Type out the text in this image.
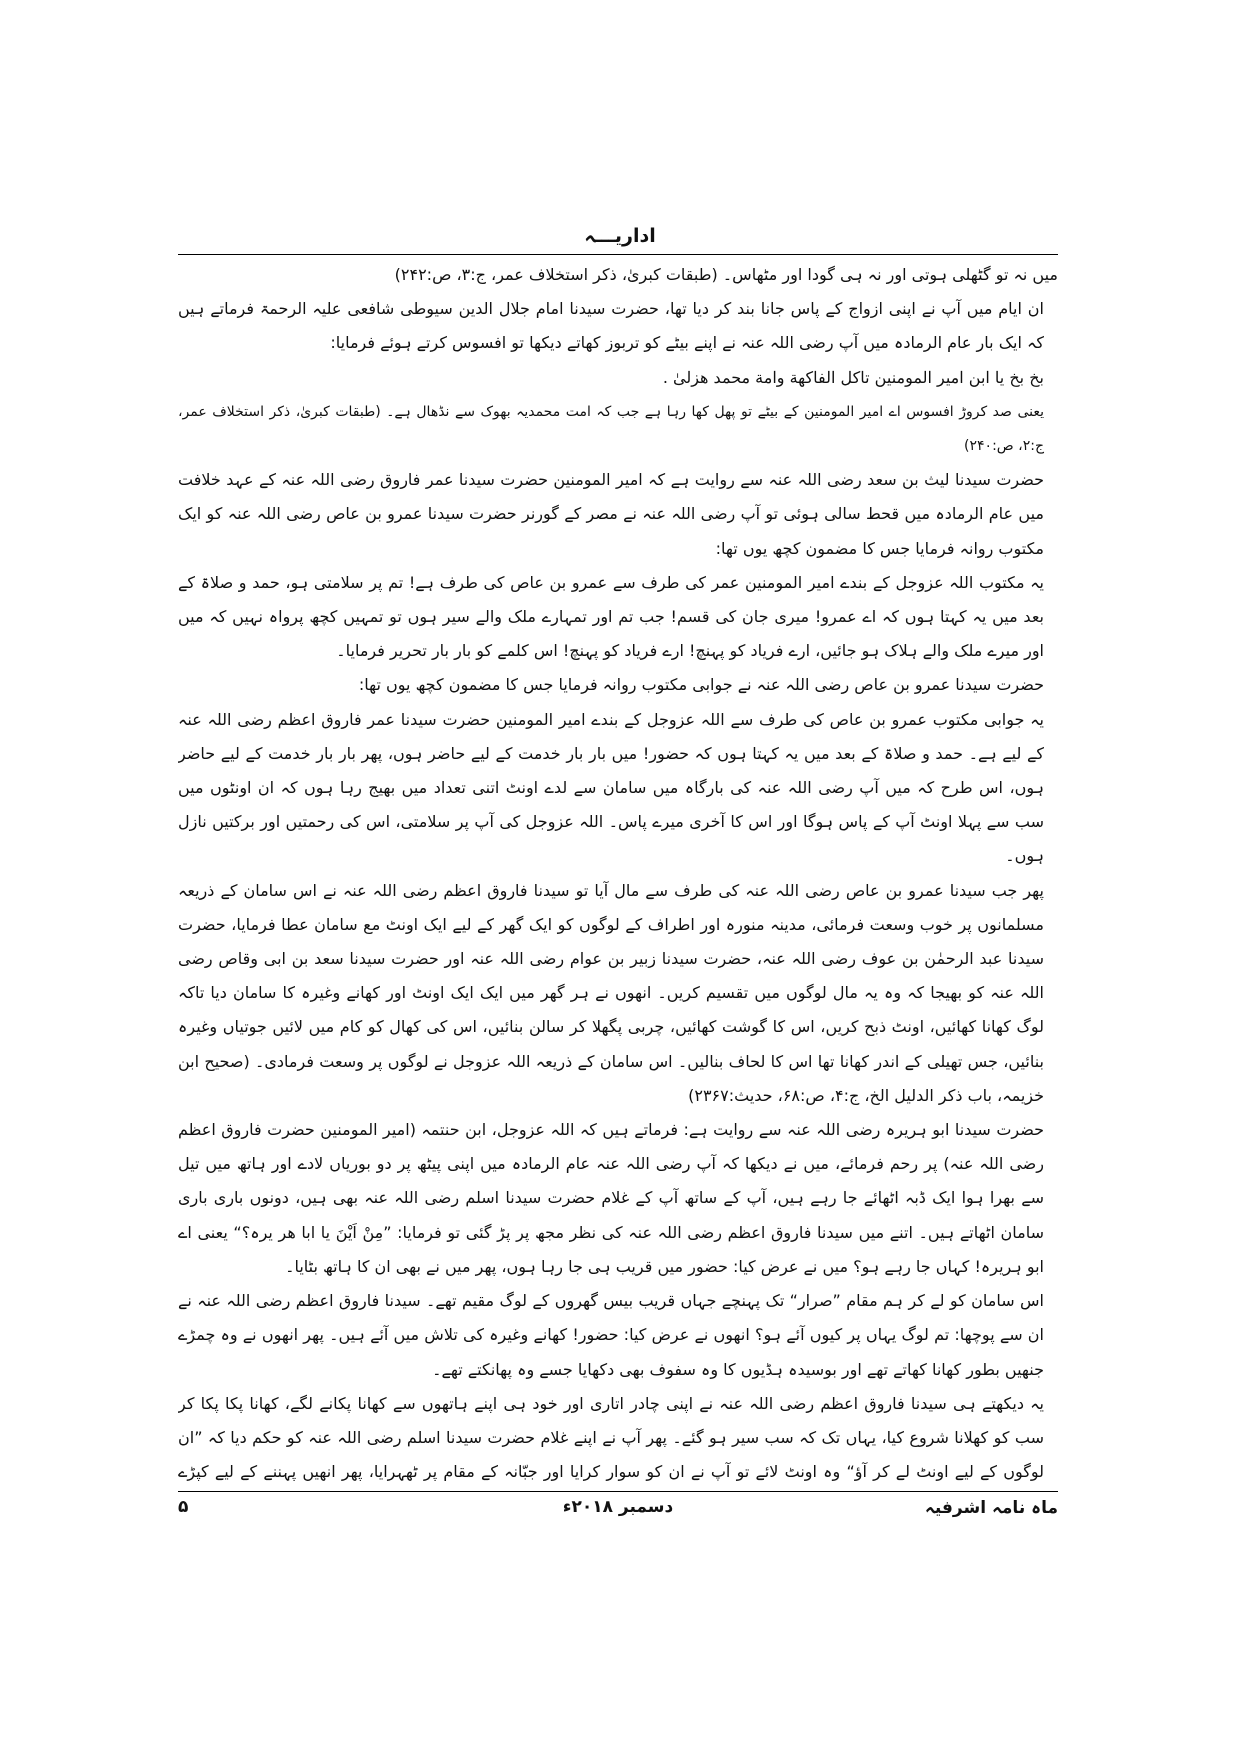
اداریـــہ

میں نہ تو گٹھلی ہوتی اور نہ ہی گودا اور مٹھاس۔ (طبقات کبریٰ، ذکر استخلاف عمر، ج:۳، ص:۲۴۲)

ان ایام میں آپ نے اپنی ازواج کے پاس جانا بند کر دیا تھا، حضرت سیدنا امام جلال الدین سیوطی شافعی علیہ الرحمۃ فرماتے ہیں کہ ایک بار عام الرمادہ میں آپ رضی اللہ عنہ نے اپنے بیٹے کو تربوز کھاتے دیکھا تو افسوس کرتے ہوئے فرمایا:

بخ بخ یا ابن امیر المومنین تاکل الفاکھة وامة محمد ھزلیٰ .

یعنی صد کروڑ افسوس اے امیر المومنین کے بیٹے تو پھل کھا رہا ہے جب کہ امت محمدیہ بھوک سے نڈھال ہے۔ (طبقات کبریٰ، ذکر استخلاف عمر، ج:۲، ص:۲۴۰)

حضرت سیدنا لیث بن سعد رضی اللہ عنہ سے روایت ہے کہ امیر المومنین حضرت سیدنا عمر فاروق رضی اللہ عنہ کے عہد خلافت میں عام الرمادہ میں قحط سالی ہوئی تو آپ رضی اللہ عنہ نے مصر کے گورنر حضرت سیدنا عمرو بن عاص رضی اللہ عنہ کو ایک مکتوب روانہ فرمایا جس کا مضمون کچھ یوں تھا:

یہ مکتوب اللہ عزوجل کے بندے امیر المومنین عمر کی طرف سے عمرو بن عاص کی طرف ہے! تم پر سلامتی ہو، حمد و صلاۃ کے بعد میں یہ کہتا ہوں کہ اے عمرو! میری جان کی قسم! جب تم اور تمہارے ملک والے سیر ہوں تو تمہیں کچھ پرواہ نہیں کہ میں اور میرے ملک والے ہلاک ہو جائیں، ارے فریاد کو پہنچ! ارے فریاد کو پہنچ! اس کلمے کو بار بار تحریر فرمایا۔

حضرت سیدنا عمرو بن عاص رضی اللہ عنہ نے جوابی مکتوب روانہ فرمایا جس کا مضمون کچھ یوں تھا:

یہ جوابی مکتوب عمرو بن عاص کی طرف سے اللہ عزوجل کے بندے امیر المومنین حضرت سیدنا عمر فاروق اعظم رضی اللہ عنہ کے لیے ہے۔ حمد و صلاۃ کے بعد میں یہ کہتا ہوں کہ حضور! میں بار بار خدمت کے لیے حاضر ہوں، پھر بار بار خدمت کے لیے حاضر ہوں، اس طرح کہ میں آپ رضی اللہ عنہ کی بارگاہ میں سامان سے لدے اونٹ اتنی تعداد میں بھیج رہا ہوں کہ ان اونٹوں میں سب سے پہلا اونٹ آپ کے پاس ہوگا اور اس کا آخری میرے پاس۔ اللہ عزوجل کی آپ پر سلامتی، اس کی رحمتیں اور برکتیں نازل ہوں۔

پھر جب سیدنا عمرو بن عاص رضی اللہ عنہ کی طرف سے مال آیا تو سیدنا فاروق اعظم رضی اللہ عنہ نے اس سامان کے ذریعہ مسلمانوں پر خوب وسعت فرمائی، مدینہ منورہ اور اطراف کے لوگوں کو ایک گھر کے لیے ایک اونٹ مع سامان عطا فرمایا، حضرت سیدنا عبد الرحمٰن بن عوف رضی اللہ عنہ، حضرت سیدنا زبیر بن عوام رضی اللہ عنہ اور حضرت سیدنا سعد بن ابی وقاص رضی اللہ عنہ کو بھیجا کہ وہ یہ مال لوگوں میں تقسیم کریں۔ انھوں نے ہر گھر میں ایک ایک اونٹ اور کھانے وغیرہ کا سامان دیا تاکہ لوگ کھانا کھائیں، اونٹ ذبح کریں، اس کا گوشت کھائیں، چربی پگھلا کر سالن بنائیں، اس کی کھال کو کام میں لائیں جوتیاں وغیرہ بنائیں، جس تھیلی کے اندر کھانا تھا اس کا لحاف بنالیں۔ اس سامان کے ذریعہ اللہ عزوجل نے لوگوں پر وسعت فرمادی۔ (صحیح ابن خزیمہ، باب ذکر الدلیل الخ، ج:۴، ص:۶۸، حدیث:۲۳۶۷)

حضرت سیدنا ابو ہریرہ رضی اللہ عنہ سے روایت ہے: فرماتے ہیں کہ اللہ عزوجل، ابن حنتمہ (امیر المومنین حضرت فاروق اعظم رضی اللہ عنہ) پر رحم فرمائے، میں نے دیکھا کہ آپ رضی اللہ عنہ عام الرمادہ میں اپنی پیٹھ پر دو بوریاں لادے اور ہاتھ میں تیل سے بھرا ہوا ایک ڈبہ اٹھائے جا رہے ہیں، آپ کے ساتھ آپ کے غلام حضرت سیدنا اسلم رضی اللہ عنہ بھی ہیں، دونوں باری باری سامان اٹھاتے ہیں۔ اتنے میں سیدنا فاروق اعظم رضی اللہ عنہ کی نظر مجھ پر پڑ گئی تو فرمایا: ”مِنْ اَیْنَ یا ابا ھر یرہ؟“ یعنی اے ابو ہریرہ! کہاں جا رہے ہو؟ میں نے عرض کیا: حضور میں قریب ہی جا رہا ہوں، پھر میں نے بھی ان کا ہاتھ بٹایا۔

اس سامان کو لے کر ہم مقام ”صرار“ تک پہنچے جہاں قریب بیس گھروں کے لوگ مقیم تھے۔ سیدنا فاروق اعظم رضی اللہ عنہ نے ان سے پوچھا: تم لوگ یہاں پر کیوں آئے ہو؟ انھوں نے عرض کیا: حضور! کھانے وغیرہ کی تلاش میں آئے ہیں۔ پھر انھوں نے وہ چمڑے جنھیں بطور کھانا کھاتے تھے اور بوسیدہ ہڈیوں کا وہ سفوف بھی دکھایا جسے وہ پھانکتے تھے۔

یہ دیکھتے ہی سیدنا فاروق اعظم رضی اللہ عنہ نے اپنی چادر اتاری اور خود ہی اپنے ہاتھوں سے کھانا پکانے لگے، کھانا پکا پکا کر سب کو کھلانا شروع کیا، یہاں تک کہ سب سیر ہو گئے۔ پھر آپ نے اپنے غلام حضرت سیدنا اسلم رضی اللہ عنہ کو حکم دیا کہ ”ان لوگوں کے لیے اونٹ لے کر آؤ“ وہ اونٹ لائے تو آپ نے ان کو سوار کرایا اور جبّانہ کے مقام پر ٹھہرایا، پھر انھیں پہننے کے لیے کپڑے

ماہ نامہ اشرفیہ
دسمبر ۲۰۱۸ء
۵
